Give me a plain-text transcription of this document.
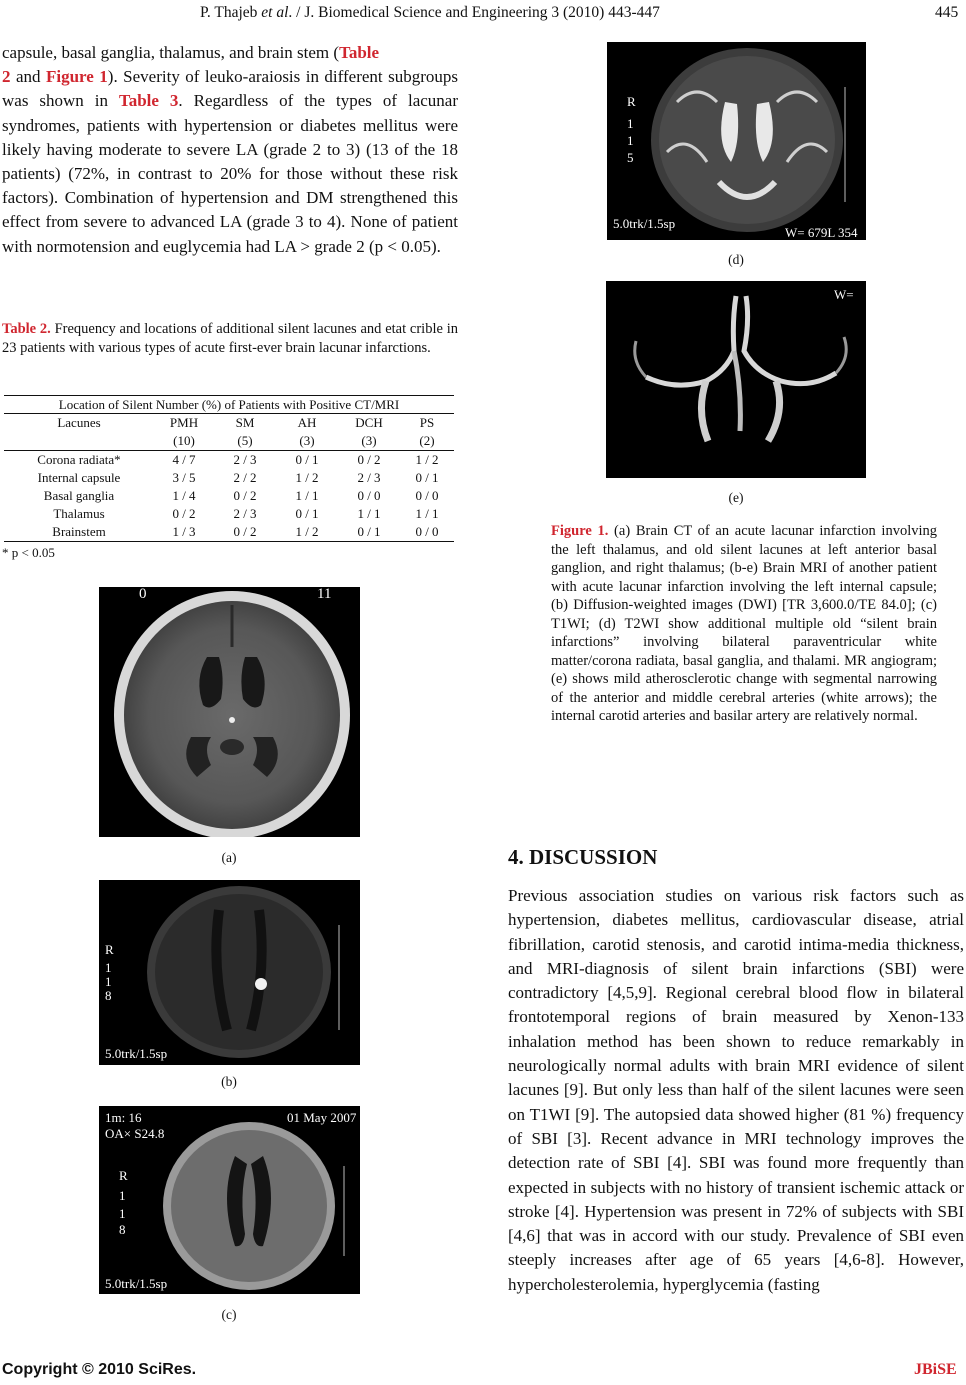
P. Thajeb et al. / J. Biomedical Science and Engineering 3 (2010) 443-447	445
capsule, basal ganglia, thalamus, and brain stem (Table
2 and Figure 1). Severity of leuko-araiosis in different subgroups was shown in Table 3. Regardless of the types of lacunar syndromes, patients with hypertension or diabetes mellitus were likely having moderate to severe LA (grade 2 to 3) (13 of the 18 patients) (72%, in contrast to 20% for those without these risk factors). Combination of hypertension and DM strengthened this effect from severe to advanced LA (grade 3 to 4). None of patient with normotension and euglycemia had LA > grade 2 (p < 0.05).
Table 2. Frequency and locations of additional silent lacunes and etat crible in 23 patients with various types of acute first-ever brain lacunar infarctions.
Location of Silent Number (%) of Patients with Positive CT/MRI
Lacunes	PMH	SM	AH	DCH	PS
	(10)	(5)	(3)	(3)	(2)
Corona radiata*	4 / 7	2 / 3	0 / 1	0 / 2	1 / 2
Internal capsule	3 / 5	2 / 2	1 / 2	2 / 3	0 / 1
Basal ganglia	1 / 4	0 / 2	1 / 1	0 / 0	0 / 0
Thalamus	0 / 2	2 / 3	0 / 1	1 / 1	1 / 1
Brainstem	1 / 3	0 / 2	1 / 2	0 / 1	0 / 0
* p < 0.05
0	11
(a)
R
1
1
8
5.0trk/1.5sp
(b)
1m: 16
OA× S24.8
01 May 2007
R
1
1
8
5.0trk/1.5sp
(c)
R
1
1
5
5.0trk/1.5sp
W= 679L 354
(d)
W=
(e)
Figure 1. (a) Brain CT of an acute lacunar infarction involving the left thalamus, and old silent lacunes at left anterior basal ganglion, and right thalamus; (b-e) Brain MRI of another patient with acute lacunar infarction involving the left internal capsule; (b) Diffusion-weighted images (DWI) [TR 3,600.0/TE 84.0]; (c) T1WI; (d) T2WI show additional multiple old “silent brain infarctions” involving bilateral paraventricular white matter/corona radiata, basal ganglia, and thalami. MR angiogram; (e) shows mild atherosclerotic change with segmental narrowing of the anterior and middle cerebral arteries (white arrows); the internal carotid arteries and basilar artery are relatively normal.
4. DISCUSSION
Previous association studies on various risk factors such as hypertension, diabetes mellitus, cardiovascular disease, atrial fibrillation, carotid stenosis, and carotid intima-media thickness, and MRI-diagnosis of silent brain infarctions (SBI) were contradictory [4,5,9]. Regional cerebral blood flow in bilateral frontotemporal regions of brain measured by Xenon-133 inhalation method has been shown to reduce remarkably in neurologically normal adults with brain MRI evidence of silent lacunes [9]. But only less than half of the silent lacunes were seen on T1WI [9]. The autopsied data showed higher (81 %) frequency of SBI [3]. Recent advance in MRI technology improves the detection rate of SBI [4]. SBI was found more frequently than expected in subjects with no history of transient ischemic attack or stroke [4]. Hypertension was present in 72% of subjects with SBI [4,6] that was in accord with our study. Prevalence of SBI even steeply increases after age of 65 years [4,6-8]. However, hypercholesterolemia, hyperglycemia (fasting
Copyright © 2010 SciRes.	JBiSE
